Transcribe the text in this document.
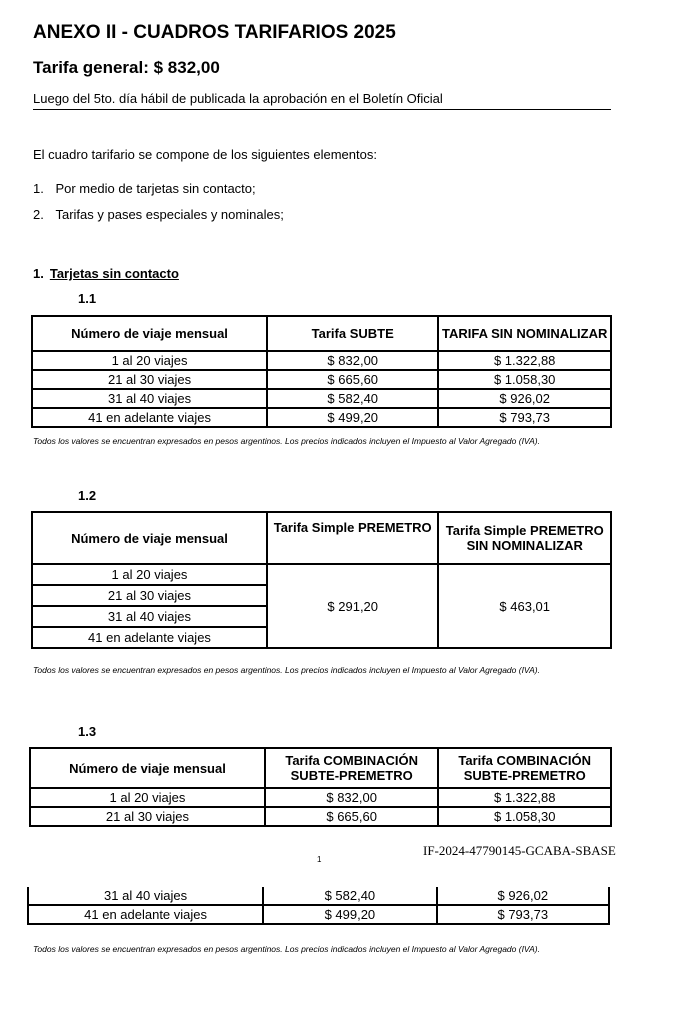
ANEXO II - CUADROS TARIFARIOS 2025
Tarifa general: $ 832,00
Luego del 5to. día hábil de publicada la aprobación en el Boletín Oficial
El cuadro tarifario se compone de los siguientes elementos:
1. Por medio de tarjetas sin contacto;
2. Tarifas y pases especiales y nominales;
1. Tarjetas sin contacto
1.1
Número de viaje mensual	Tarifa SUBTE	TARIFA SIN NOMINALIZAR
1 al 20 viajes	$ 832,00	$ 1.322,88
21 al 30 viajes	$ 665,60	$ 1.058,30
31 al 40 viajes	$ 582,40	$ 926,02
41 en adelante viajes	$ 499,20	$ 793,73
Todos los valores se encuentran expresados en pesos argentinos. Los precios indicados incluyen el Impuesto al Valor Agregado (IVA).
1.2
Número de viaje mensual	Tarifa Simple PREMETRO	Tarifa Simple PREMETRO SIN NOMINALIZAR
1 al 20 viajes	$ 291,20	$ 463,01
21 al 30 viajes		
31 al 40 viajes		
41 en adelante viajes		
Todos los valores se encuentran expresados en pesos argentinos. Los precios indicados incluyen el Impuesto al Valor Agregado (IVA).
1.3
Número de viaje mensual	Tarifa COMBINACIÓN SUBTE-PREMETRO	Tarifa COMBINACIÓN SUBTE-PREMETRO
1 al 20 viajes	$ 832,00	$ 1.322,88
21 al 30 viajes	$ 665,60	$ 1.058,30
IF-2024-47790145-GCABA-SBASE
1
31 al 40 viajes	$ 582,40	$ 926,02
41 en adelante viajes	$ 499,20	$ 793,73
Todos los valores se encuentran expresados en pesos argentinos. Los precios indicados incluyen el Impuesto al Valor Agregado (IVA).
